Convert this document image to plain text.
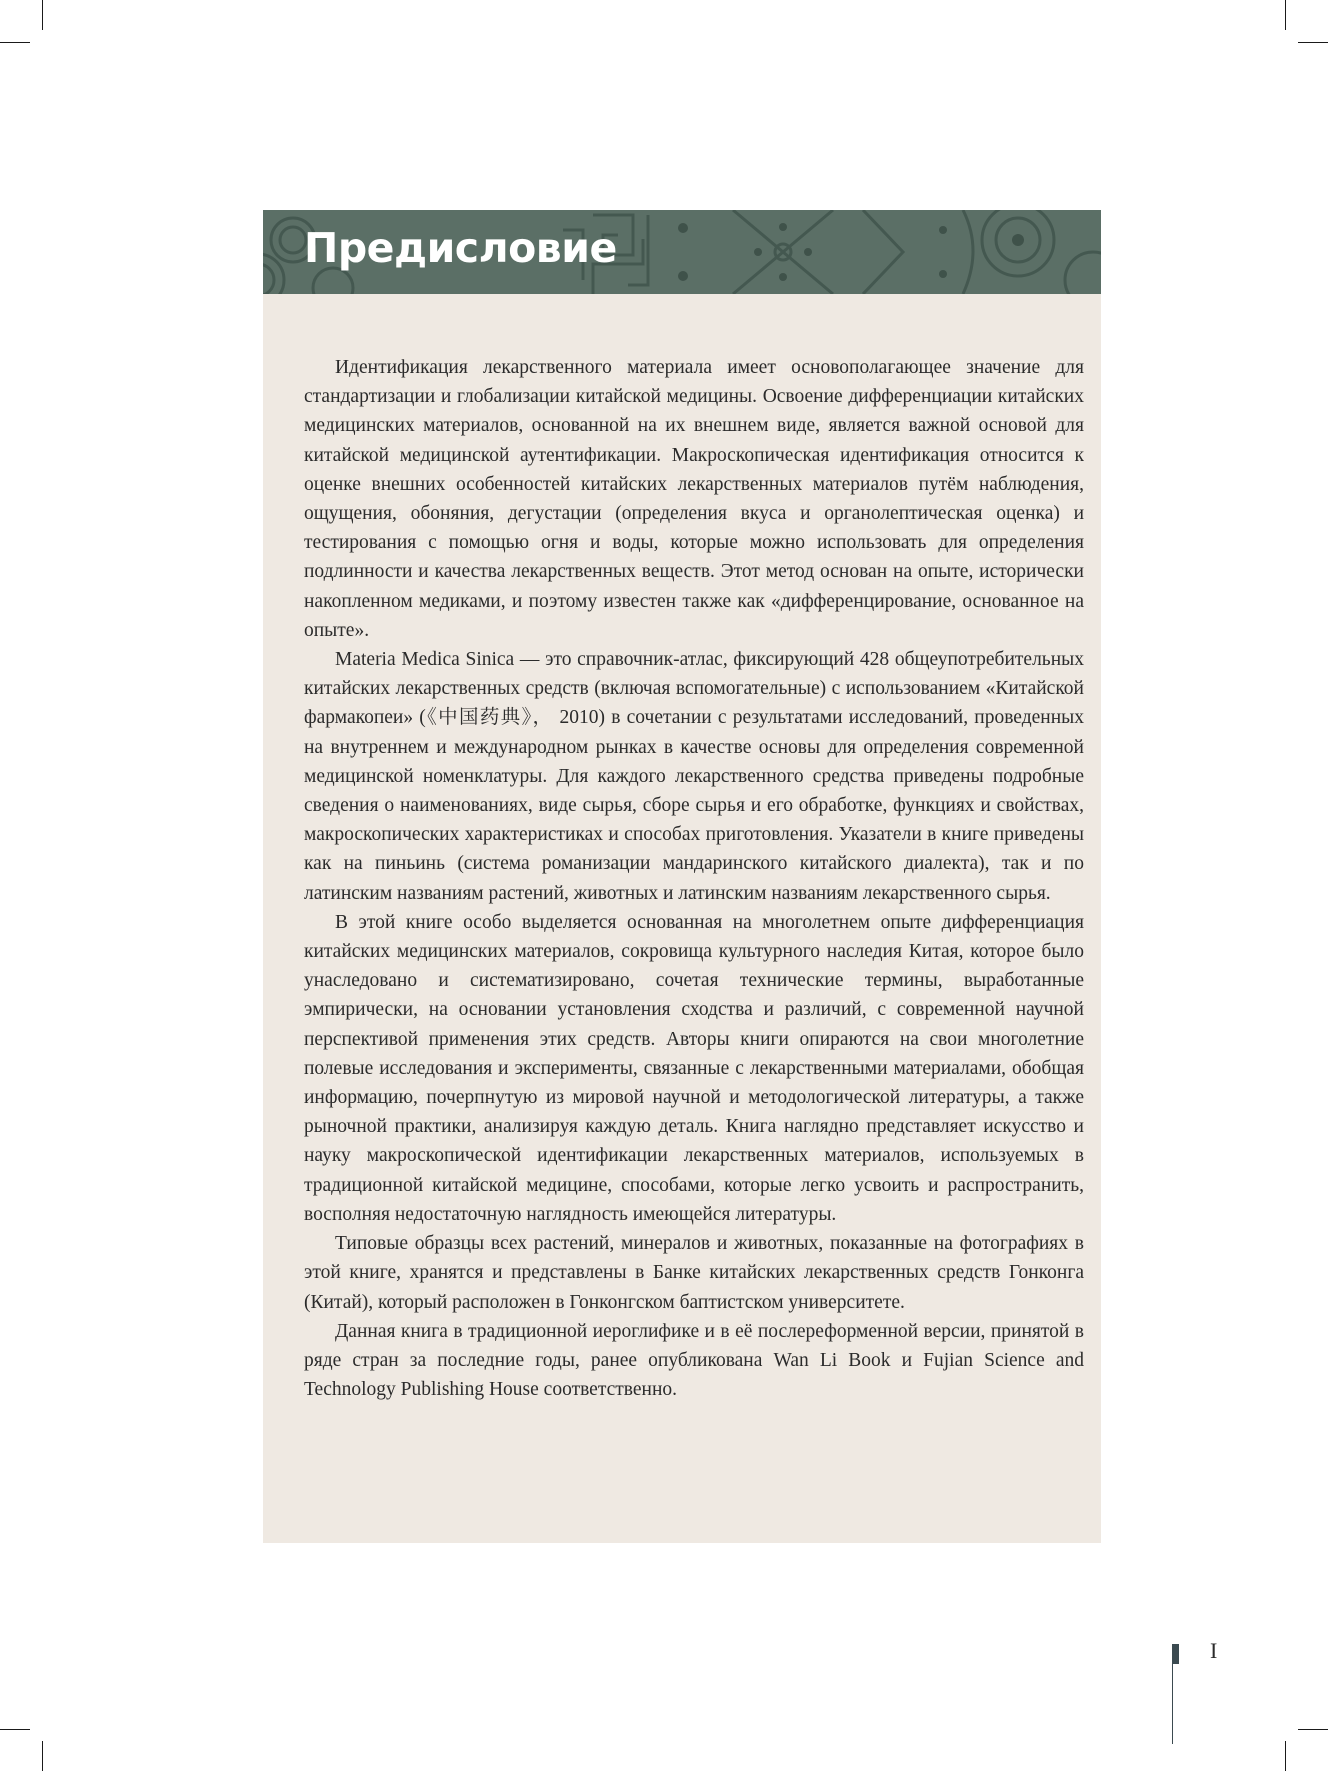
Предисловие

Идентификация лекарственного материала имеет основополагающее значение для стандартизации и глобализации китайской медицины. Освоение дифференциации китайских медицинских материалов, основанной на их внешнем виде, является важной основой для китайской медицинской аутентификации. Макроскопическая идентификация относится к оценке внешних особенностей китайских лекарственных материалов путём наблюдения, ощущения, обоняния, дегустации (определения вкуса и органолептическая оценка) и тестирования с помощью огня и воды, которые можно использовать для определения подлинности и качества лекарственных веществ. Этот метод основан на опыте, исторически накопленном медиками, и поэтому известен также как «дифференцирование, основанное на опыте».

Materia Medica Sinica — это справочник-атлас, фиксирующий 428 общеупотребительных китайских лекарственных средств (включая вспомогательные) с использованием «Китайской фармакопеи» (《中国药典》， 2010) в сочетании с результатами исследований, проведенных на внутреннем и международном рынках в качестве основы для определения современной медицинской номенклатуры. Для каждого лекарственного средства приведены подробные сведения о наименованиях, виде сырья, сборе сырья и его обработке, функциях и свойствах, макроскопических характеристиках и способах приготовления. Указатели в книге приведены как на пиньинь (система романизации мандаринского китайского диалекта), так и по латинским названиям растений, животных и латинским названиям лекарственного сырья.

В этой книге особо выделяется основанная на многолетнем опыте дифференциация китайских медицинских материалов, сокровища культурного наследия Китая, которое было унаследовано и систематизировано, сочетая технические термины, выработанные эмпирически, на основании установления сходства и различий, с современной научной перспективой применения этих средств. Авторы книги опираются на свои многолетние полевые исследования и эксперименты, связанные с лекарственными материалами, обобщая информацию, почерпнутую из мировой научной и методологической литературы, а также рыночной практики, анализируя каждую деталь. Книга наглядно представляет искусство и науку макроскопической идентификации лекарственных материалов, используемых в традиционной китайской медицине, способами, которые легко усвоить и распространить, восполняя недостаточную наглядность имеющейся литературы.

Типовые образцы всех растений, минералов и животных, показанные на фотографиях в этой книге, хранятся и представлены в Банке китайских лекарственных средств Гонконга (Китай), который расположен в Гонконгском баптистском университете.

Данная книга в традиционной иероглифике и в её послереформенной версии, принятой в ряде стран за последние годы, ранее опубликована Wan Li Book и Fujian Science and Technology Publishing House соответственно.

I
